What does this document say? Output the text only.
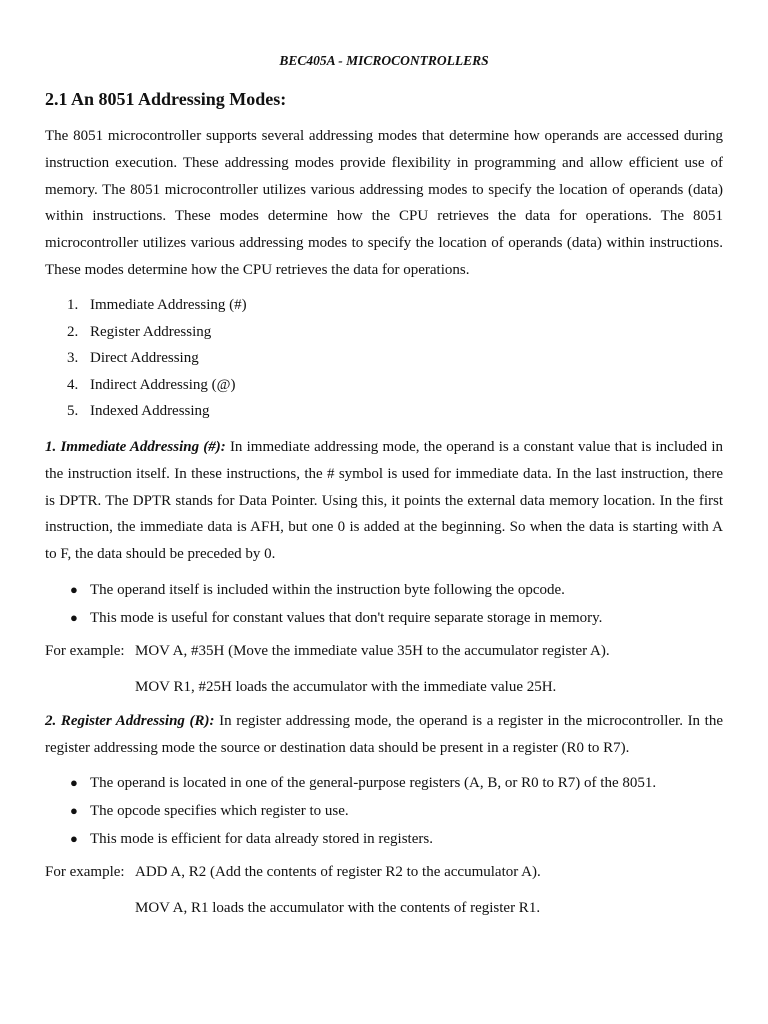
BEC405A - MICROCONTROLLERS
2.1 An 8051 Addressing Modes:

The 8051 microcontroller supports several addressing modes that determine how operands are accessed during instruction execution. These addressing modes provide flexibility in programming and allow efficient use of memory. The 8051 microcontroller utilizes various addressing modes to specify the location of operands (data) within instructions. These modes determine how the CPU retrieves the data for operations. The 8051 microcontroller utilizes various addressing modes to specify the location of operands (data) within instructions. These modes determine how the CPU retrieves the data for operations.

1. Immediate Addressing (#)
2. Register Addressing
3. Direct Addressing
4. Indirect Addressing (@)
5. Indexed Addressing

1. Immediate Addressing (#): In immediate addressing mode, the operand is a constant value that is included in the instruction itself. In these instructions, the # symbol is used for immediate data. In the last instruction, there is DPTR. The DPTR stands for Data Pointer. Using this, it points the external data memory location. In the first instruction, the immediate data is AFH, but one 0 is added at the beginning. So when the data is starting with A to F, the data should be preceded by 0.

● The operand itself is included within the instruction byte following the opcode.
● This mode is useful for constant values that don't require separate storage in memory.
For example: MOV A, #35H (Move the immediate value 35H to the accumulator register A).
MOV R1, #25H loads the accumulator with the immediate value 25H.

2. Register Addressing (R): In register addressing mode, the operand is a register in the microcontroller. In the register addressing mode the source or destination data should be present in a register (R0 to R7).

● The operand is located in one of the general-purpose registers (A, B, or R0 to R7) of the 8051.
● The opcode specifies which register to use.
● This mode is efficient for data already stored in registers.
For example: ADD A, R2 (Add the contents of register R2 to the accumulator A).
MOV A, R1 loads the accumulator with the contents of register R1.
